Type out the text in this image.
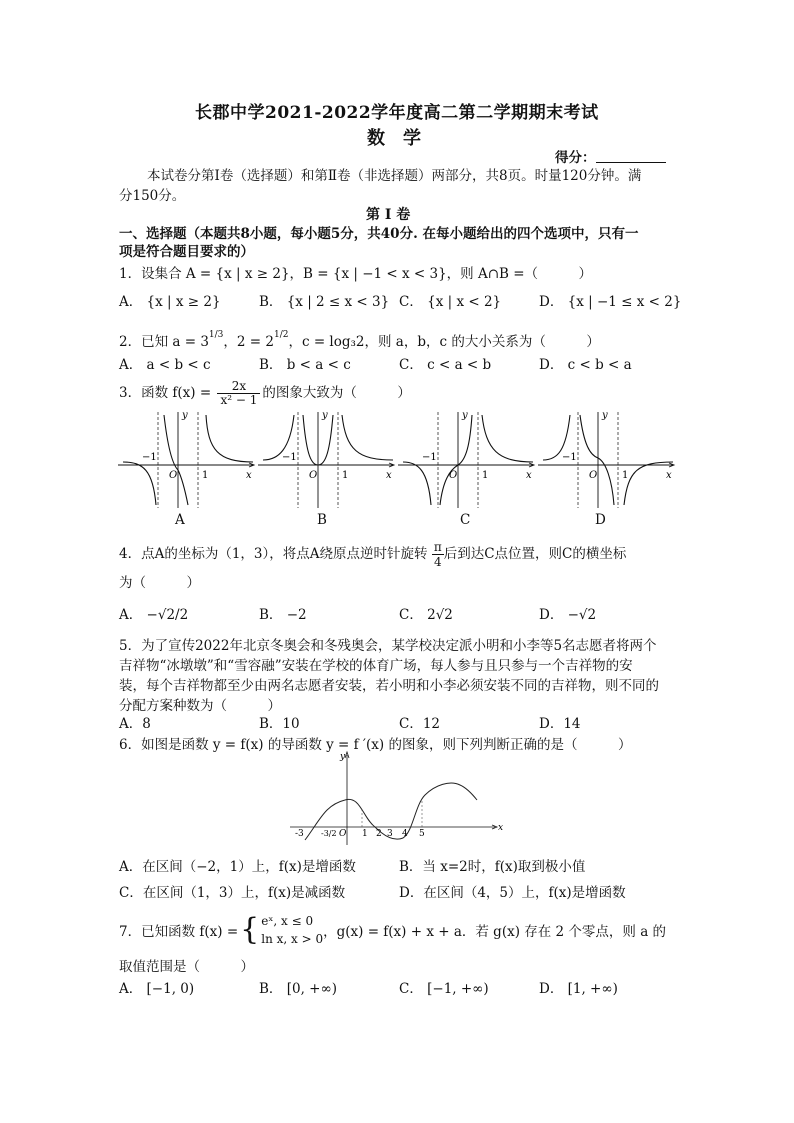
长郡中学2021-2022学年度高二第二学期期末考试
数　学
得分：
本试卷分第Ⅰ卷（选择题）和第Ⅱ卷（非选择题）两部分，共8页。时量120分钟。满
分150分。
第 Ⅰ 卷
一、选择题（本题共8小题，每小题5分，共40分. 在每小题给出的四个选项中，只有一
项是符合题目要求的）
1．设集合 A = {x | x ≥ 2}，B = {x | −1 < x < 3}，则 A∩B =（　　　）
A． {x | x ≥ 2}	B． {x | 2 ≤ x < 3} C． {x | x < 2}	D． {x | −1 ≤ x < 2}
2．已知 $a = 3^{1/3}$，$2 = 2^{1/2}$，c = log₃2，则 a，b，c 的大小关系为（　　　）
A． a < b < c	B． b < a < c	C． c < a < b	D． c < b < a
3．函数 $f(x) = \frac{2x}{\text{x² − 1}}$ 的图象大致为（　　　）
y
x
O
−1
1
y
x
O
−1
1
y
x
O
−1
1
y
x
O
−1
1
A	B	C	D
4．点A的坐标为（1，3），将点A绕原点逆时针旋转 $\frac{\pi}{4}$ 后到达C点位置，则C的横坐标
为（　　　）
A． −√2/2	B． −2	C． 2√2	D． −√2
5．为了宣传2022年北京冬奥会和冬残奥会，某学校决定派小明和小李等5名志愿者将两个
吉祥物“冰墩墩”和“雪容融”安装在学校的体育广场，每人参与且只参与一个吉祥物的安
装，每个吉祥物都至少由两名志愿者安装，若小明和小李必须安装不同的吉祥物，则不同的
分配方案种数为（　　　）
A．8	B．10	C．12	D．14
6．如图是函数 y = f(x) 的导函数 y = f ′(x) 的图象，则下列判断正确的是（　　　）
x
y
-3 -3/2 O 1 2 3 4 5
A．在区间（−2，1）上，f(x)是增函数	B．当 x=2时，f(x)取到极小值
C．在区间（1，3）上，f(x)是减函数	D．在区间（4，5）上，f(x)是增函数
7．已知函数 f(x) = { eˣ, x ≤ 0
ln x, x > 0 ，g(x) = f(x) + x + a．若 g(x) 存在 2 个零点，则 a 的
取值范围是（　　　）
A． [−1, 0)	B． [0, +∞)	C． [−1, +∞)	D． [1, +∞)
